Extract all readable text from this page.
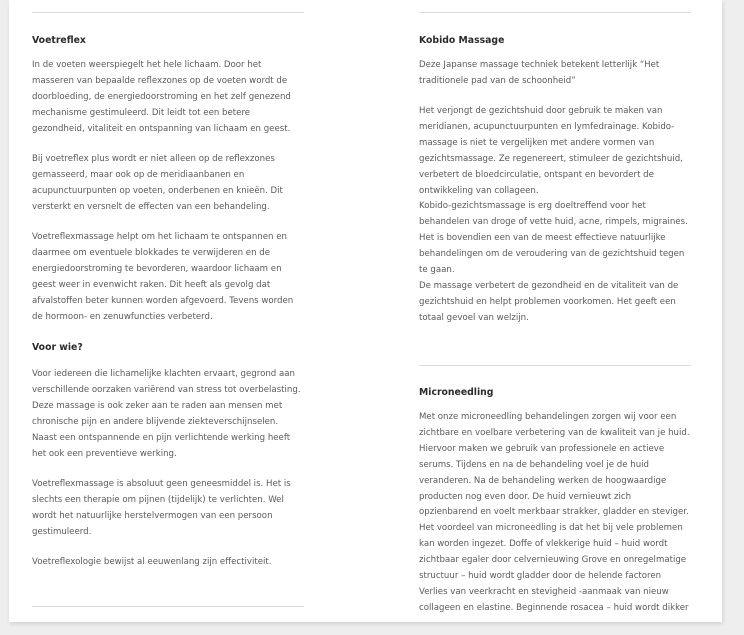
Voetreflex
In de voeten weerspiegelt het hele lichaam. Door het
masseren van bepaalde reflexzones op de voeten wordt de
doorbloeding, de energiedoorstroming en het zelf genezend
mechanisme gestimuleerd. Dit leidt tot een betere
gezondheid, vitaliteit en ontspanning van lichaam en geest.
Bij voetreflex plus wordt er niet alleen op de reflexzones
gemasseerd, maar ook op de meridiaanbanen en
acupunctuurpunten op voeten, onderbenen en knieën. Dit
versterkt en versnelt de effecten van een behandeling.
Voetreflexmassage helpt om het lichaam te ontspannen en
daarmee om eventuele blokkades te verwijderen en de
energiedoorstroming te bevorderen, waardoor lichaam en
geest weer in evenwicht raken. Dit heeft als gevolg dat
afvalstoffen beter kunnen worden afgevoerd. Tevens worden
de hormoon- en zenuwfuncties verbeterd.
Voor wie?
Voor iedereen die lichamelijke klachten ervaart, gegrond aan
verschillende oorzaken variërend van stress tot overbelasting.
Deze massage is ook zeker aan te raden aan mensen met
chronische pijn en andere blijvende ziekteverschijnselen.
Naast een ontspannende en pijn verlichtende werking heeft
het ook een preventieve werking.
Voetreflexmassage is absoluut geen geneesmiddel is. Het is
slechts een therapie om pijnen (tijdelijk) te verlichten. Wel
wordt het natuurlijke herstelvermogen van een persoon
gestimuleerd.
Voetreflexologie bewijst al eeuwenlang zijn effectiviteit.
Kobido Massage
Deze Japanse massage techniek betekent letterlijk “Het
traditionele pad van de schoonheid”
Het verjongt de gezichtshuid door gebruik te maken van
meridianen, acupunctuurpunten en lymfedrainage. Kobido-
massage is niet te vergelijken met andere vormen van
gezichtsmassage. Ze regenereert, stimuleer de gezichtshuid,
verbetert de bloedcirculatie, ontspant en bevordert de
ontwikkeling van collageen.
Kobido-gezichtsmassage is erg doeltreffend voor het
behandelen van droge of vette huid, acne, rimpels, migraines.
Het is bovendien een van de meest effectieve natuurlijke
behandelingen om de veroudering van de gezichtshuid tegen
te gaan.
De massage verbetert de gezondheid en de vitaliteit van de
gezichtshuid en helpt problemen voorkomen. Het geeft een
totaal gevoel van welzijn.
Microneedling
Met onze microneedling behandelingen zorgen wij voor een
zichtbare en voelbare verbetering van de kwaliteit van je huid.
Hiervoor maken we gebruik van professionele en actieve
serums. Tijdens en na de behandeling voel je de huid
veranderen. Na de behandeling werken de hoogwaardige
producten nog even door. De huid vernieuwt zich
opzienbarend en voelt merkbaar strakker, gladder en steviger.
Het voordeel van microneedling is dat het bij vele problemen
kan worden ingezet. Doffe of vlekkerige huid – huid wordt
zichtbaar egaler door celvernieuwing Grove en onregelmatige
structuur – huid wordt gladder door de helende factoren
Verlies van veerkracht en stevigheid -aanmaak van nieuw
collageen en elastine. Beginnende rosacea – huid wordt dikker
